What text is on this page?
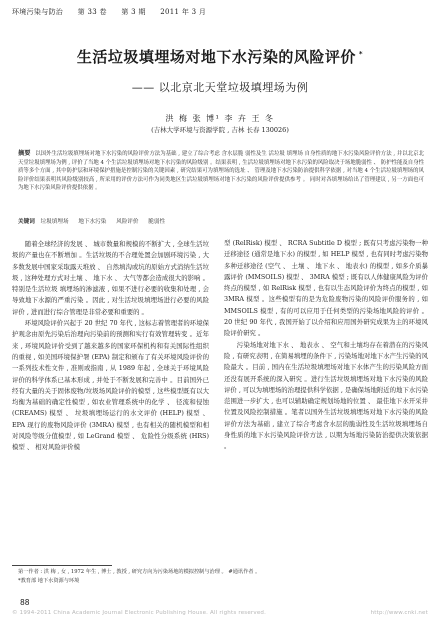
环境污染与防治 第 33 卷 第 3 期 2011 年 3 月
生活垃圾填埋场对地下水污染的风险评价 *
—— 以北京北天堂垃圾填埋场为例
洪 梅 张 博¹ 李 卉 王 冬
(吉林大学环境与资源学院 , 吉林 长春 130026)
摘要 以国外生活垃圾填埋场对地下水污染的风险评价方法为基础 , 建立了综合考虑 含水层脆 弱性及生 活垃圾 填埋场 自身性质的地下水污染风险评价方法 , 并以北京北天堂垃圾填埋场为例 , 评价了当地 4 个生活垃圾填埋场对地下水污染的风险级别 。结果表明 , 生活垃圾填埋场对地下水污染的风险取决于场地脆弱性 、 防护性能及自身性质等多个方面 , 其中防护层和环境保护措施是控制污染的关键因素 , 研究结果可为填埋场的选址 、 管理及地下水污染防治提供科学依据 , 对当地 4 个生活垃圾填埋场的风险评价结果表明其风险级别较高 , 所采用的评价方法可作为同类地区生活垃圾填埋场对地下水污染的风险评价提供参考 。 同时对各填埋场给出了管理建议 , 另一方面也可为地下水污染风险评价提供依据 。
关键词 垃圾填埋场 地下水污染 风险评价 脆弱性

随着全球经济的发展 、 城市数量和规模的不断扩大 , 全球生活垃圾的产量也在不断增加 。生活垃圾的不合理处置会加剧环境污染 , 大多数发展中国家采取露天堆放 、 自然填沟或坑的原始方式消纳生活垃圾 , 这种处理方式对土壤 、 地下水 、 大气等都会造成很大的影响 。特别是生活垃圾 填埋场的渗滤液 , 如果不进行必要的收集和处理 , 会导致地下水源的严重污染 。因此 , 对生活垃圾填埋场进行必要的风险评价 , 进而进行综合管理是非常必要和重要的 。

环境风险评价兴起于 20 世纪 70 年代 , 这标志着管理者的环境保护观念由原先污染后治理向污染前的预测和实行有效管理转变 。近年来 , 环境风险评价受到了越来越多的国家环保机构和有关国际性组织的重视 , 如美国环境保护署 (EPA) 制定和颁布了有关环境风险评价的一系列技术性文件 , 准则或指南 , 从 1989 年起 , 全球关于环境风险评价的科学体系已基本形成 , 并处于不断发展和完善中 。目前国外已经有大量的关于固体废物/垃圾场风险评价的模型 , 这些模型既有以大均衡为基础的确定性模型 , 如农业管理系统中的化学 、 径流和侵蚀 (CREAMS) 模型 、 垃圾填埋场运行的水文评价 (HELP) 模型 、 EPA 现行的废物风险评价 (3MRA) 模型 , 也有相关的随机模型和相对风险等级分值模型 , 如 LeGrand 模型 、 危险性分级系统 (HRS) 模型 、 相对风险评价模

型 (RelRisk) 模型 、 RCRA Subtitle D 模型 ; 既有只考虑污染物一种迁移途径 (通常是地下水) 的模型 , 如 HELP 模型 , 也有同时考虑污染物多种迁移途径 (空气 、 土壤 、 地下水 、 地表水) 的模型 , 如多介质暴露评价 (MMSOILS) 模型 、 3MRA 模型 ; 既有以人体健康风险为评价终点的模型 , 如 RelRisk 模型 , 也有以生态风险评价为终点的模型 , 如 3MRA 模型 。这些模型有的是为危险废物污染的风险评价服务的 , 如 MMSOILS 模型 , 有的可以应用于任何类型的污染场地风险的评价 。20 世纪 90 年代 , 我国开始了以介绍和应用国外研究成果为主的环境风险评价研究 。

污染场地对地下水 、 地表水 、 空气和土壤均存在着潜在的污染风险 , 有研究表明 , 在简易填埋的条件下 , 污染场地对地下水产生污染的风险最大 。目前 , 国内在生活垃圾填埋场对地下水体产生的污染风险方面还没有展开系统的深入研究 。进行生活垃圾填埋场对地下水污染的风险评价 , 可以为填埋场的治理提供科学依据 , 是确保场地附近的地下水污染范围进一步扩大 , 也可以辅助确定规划场地的位置 、 最佳地下水开采井位置及风险控制措施 。笔者以国外生活垃圾填埋场对地下水污染的风险评价方法为基础 , 建立了综合考虑含水层的脆弱性及生活垃圾填埋场自身性质的地下水污染风险评价方法 , 以期为场地污染防治提供决策依据 。

第一作者 : 洪 梅 , 女 , 1972 年生 , 博士 , 教授 , 研究方向为污染场地的模拟控制与治理 。 #通讯作者 。
*教育部 地下水资源与环境
88
© 1994-2011 China Academic Journal Electronic Publishing House. All rights reserved.	http://www.cnki.net
